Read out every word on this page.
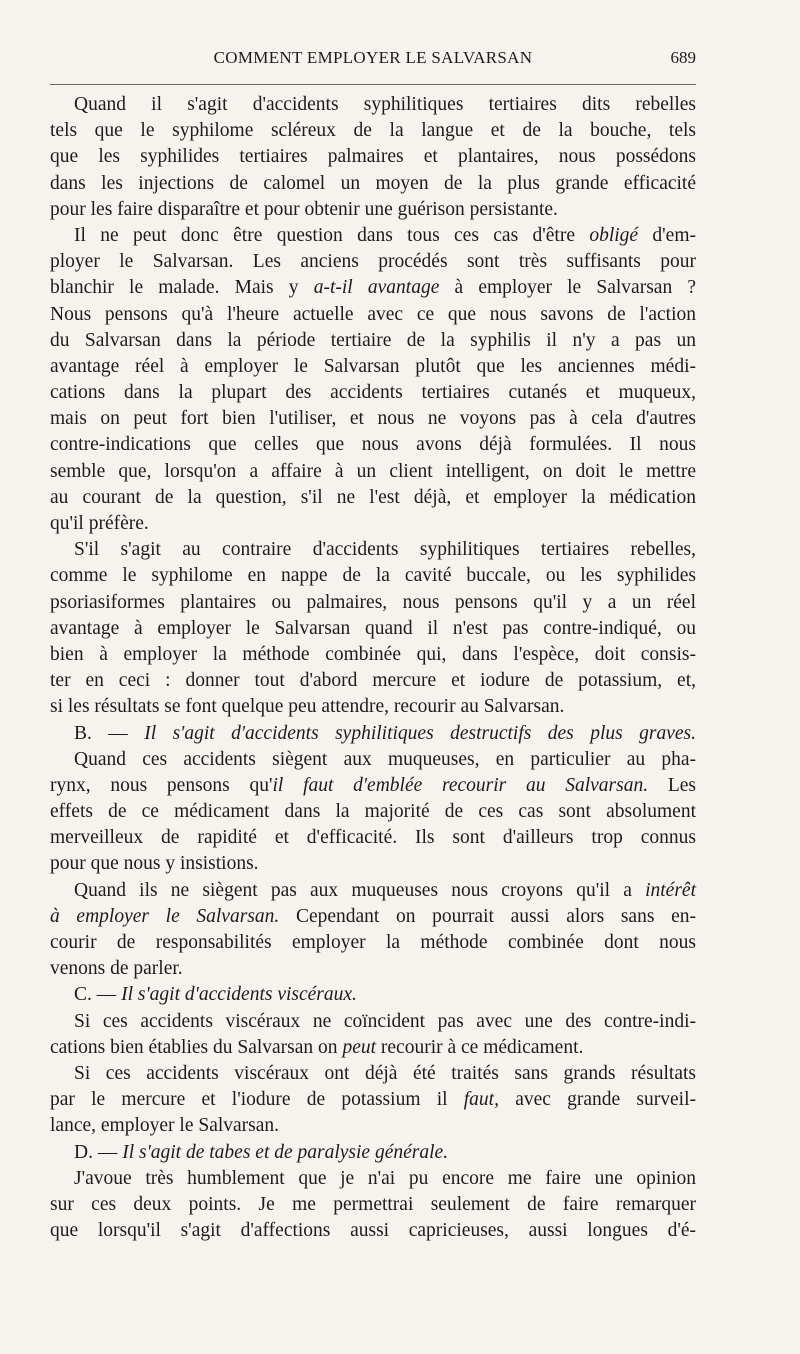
COMMENT EMPLOYER LE SALVARSAN	689
Quand il s'agit d'accidents syphilitiques tertiaires dits rebelles
tels que le syphilome scléreux de la langue et de la bouche, tels
que les syphilides tertiaires palmaires et plantaires, nous possédons
dans les injections de calomel un moyen de la plus grande efficacité
pour les faire disparaître et pour obtenir une guérison persistante.
Il ne peut donc être question dans tous ces cas d'être obligé d'em-
ployer le Salvarsan. Les anciens procédés sont très suffisants pour
blanchir le malade. Mais y a-t-il avantage à employer le Salvarsan ?
Nous pensons qu'à l'heure actuelle avec ce que nous savons de l'action
du Salvarsan dans la période tertiaire de la syphilis il n'y a pas un
avantage réel à employer le Salvarsan plutôt que les anciennes médi-
cations dans la plupart des accidents tertiaires cutanés et muqueux,
mais on peut fort bien l'utiliser, et nous ne voyons pas à cela d'autres
contre-indications que celles que nous avons déjà formulées. Il nous
semble que, lorsqu'on a affaire à un client intelligent, on doit le mettre
au courant de la question, s'il ne l'est déjà, et employer la médication
qu'il préfère.
S'il s'agit au contraire d'accidents syphilitiques tertiaires rebelles,
comme le syphilome en nappe de la cavité buccale, ou les syphilides
psoriasiformes plantaires ou palmaires, nous pensons qu'il y a un réel
avantage à employer le Salvarsan quand il n'est pas contre-indiqué, ou
bien à employer la méthode combinée qui, dans l'espèce, doit consis-
ter en ceci : donner tout d'abord mercure et iodure de potassium, et,
si les résultats se font quelque peu attendre, recourir au Salvarsan.
B. — Il s'agit d'accidents syphilitiques destructifs des plus graves.
Quand ces accidents siègent aux muqueuses, en particulier au pha-
rynx, nous pensons qu'il faut d'emblée recourir au Salvarsan. Les
effets de ce médicament dans la majorité de ces cas sont absolument
merveilleux de rapidité et d'efficacité. Ils sont d'ailleurs trop connus
pour que nous y insistions.
Quand ils ne siègent pas aux muqueuses nous croyons qu'il a intérêt
à employer le Salvarsan. Cependant on pourrait aussi alors sans en-
courir de responsabilités employer la méthode combinée dont nous
venons de parler.
C. — Il s'agit d'accidents viscéraux.
Si ces accidents viscéraux ne coïncident pas avec une des contre-indi-
cations bien établies du Salvarsan on peut recourir à ce médicament.
Si ces accidents viscéraux ont déjà été traités sans grands résultats
par le mercure et l'iodure de potassium il faut, avec grande surveil-
lance, employer le Salvarsan.
D. — Il s'agit de tabes et de paralysie générale.
J'avoue très humblement que je n'ai pu encore me faire une opinion
sur ces deux points. Je me permettrai seulement de faire remarquer
que lorsqu'il s'agit d'affections aussi capricieuses, aussi longues d'é-
